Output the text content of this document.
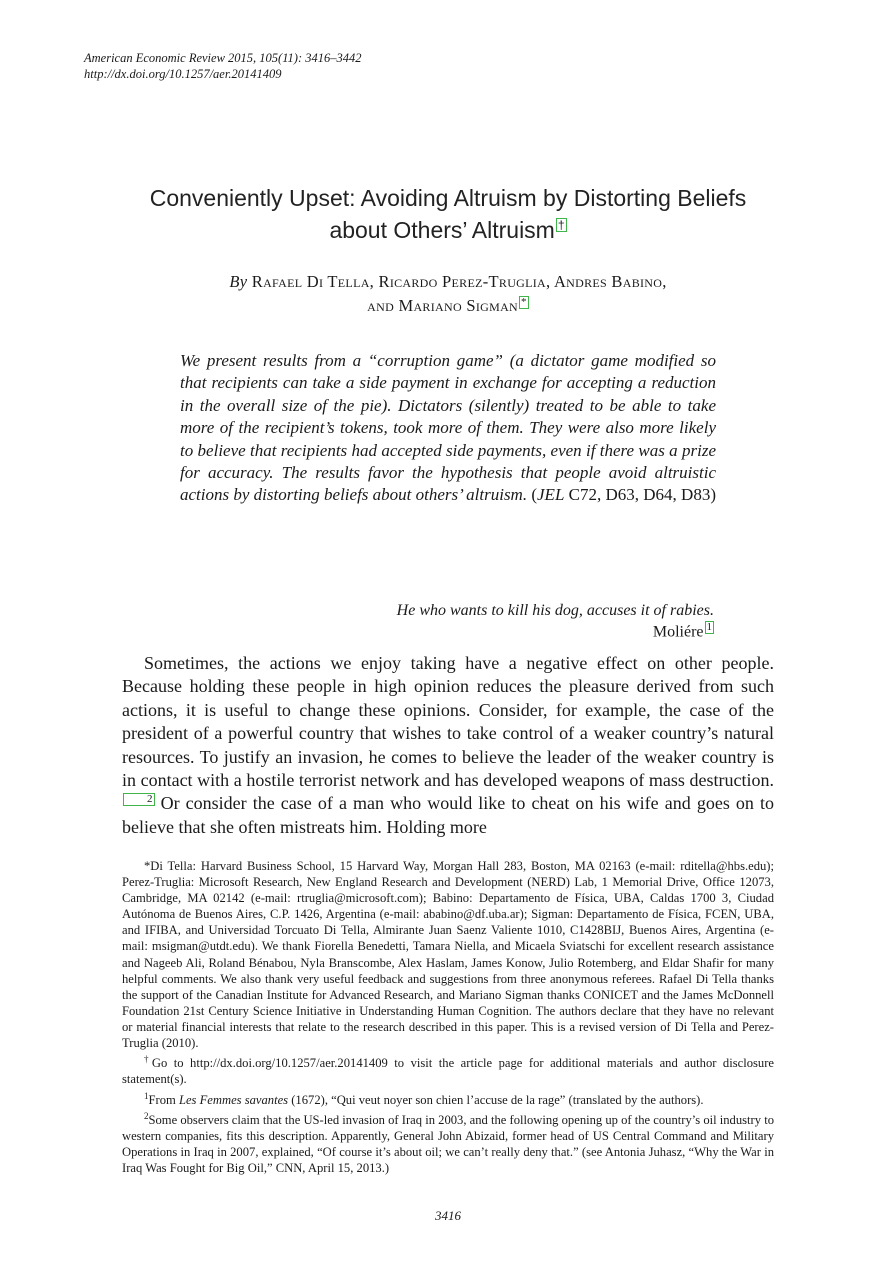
American Economic Review 2015, 105(11): 3416–3442
http://dx.doi.org/10.1257/aer.20141409
Conveniently Upset: Avoiding Altruism by Distorting Beliefs
about Others’ Altruism †
By Rafael Di Tella, Ricardo Perez-Truglia, Andres Babino,
and Mariano Sigman *
We present results from a “corruption game” (a dictator game modified so that recipients can take a side payment in exchange for accepting a reduction in the overall size of the pie). Dictators (silently) treated to be able to take more of the recipient’s tokens, took more of them. They were also more likely to believe that recipients had accepted side payments, even if there was a prize for accuracy. The results favor the hypothesis that people avoid altruistic actions by distorting beliefs about others’ altruism. (JEL C72, D63, D64, D83)
He who wants to kill his dog, accuses it of rabies.
Moliére 1

Sometimes, the actions we enjoy taking have a negative effect on other people. Because holding these people in high opinion reduces the pleasure derived from such actions, it is useful to change these opinions. Consider, for example, the case of the president of a powerful country that wishes to take control of a weaker country’s natural resources. To justify an invasion, he comes to believe the leader of the weaker country is in contact with a hostile terrorist network and has developed weapons of mass destruction.2 Or consider the case of a man who would like to cheat on his wife and goes on to believe that she often mistreats him. Holding more

*Di Tella: Harvard Business School, 15 Harvard Way, Morgan Hall 283, Boston, MA 02163 (e-mail: rditella@hbs.edu); Perez-Truglia: Microsoft Research, New England Research and Development (NERD) Lab, 1 Memorial Drive, Office 12073, Cambridge, MA 02142 (e-mail: rtruglia@microsoft.com); Babino: Departamento de Física, UBA, Caldas 1700 3, Ciudad Autónoma de Buenos Aires, C.P. 1426, Argentina (e-mail: ababino@df.uba.ar); Sigman: Departamento de Física, FCEN, UBA, and IFIBA, and Universidad Torcuato Di Tella, Almirante Juan Saenz Valiente 1010, C1428BIJ, Buenos Aires, Argentina (e-mail: msigman@utdt.edu). We thank Fiorella Benedetti, Tamara Niella, and Micaela Sviatschi for excellent research assistance and Nageeb Ali, Roland Bénabou, Nyla Branscombe, Alex Haslam, James Konow, Julio Rotemberg, and Eldar Shafir for many helpful comments. We also thank very useful feedback and suggestions from three anonymous referees. Rafael Di Tella thanks the support of the Canadian Institute for Advanced Research, and Mariano Sigman thanks CONICET and the James McDonnell Foundation 21st Century Science Initiative in Understanding Human Cognition. The authors declare that they have no relevant or material financial interests that relate to the research described in this paper. This is a revised version of Di Tella and Perez-Truglia (2010).

†Go to http://dx.doi.org/10.1257/aer.20141409 to visit the article page for additional materials and author disclosure statement(s).

$^1$From Les Femmes savantes (1672), “Qui veut noyer son chien l’accuse de la rage” (translated by the authors).

$^2$Some observers claim that the US-led invasion of Iraq in 2003, and the following opening up of the country’s oil industry to western companies, fits this description. Apparently, General John Abizaid, former head of US Central Command and Military Operations in Iraq in 2007, explained, “Of course it’s about oil; we can’t really deny that.” (see Antonia Juhasz, “Why the War in Iraq Was Fought for Big Oil,” CNN, April 15, 2013.)

3416
